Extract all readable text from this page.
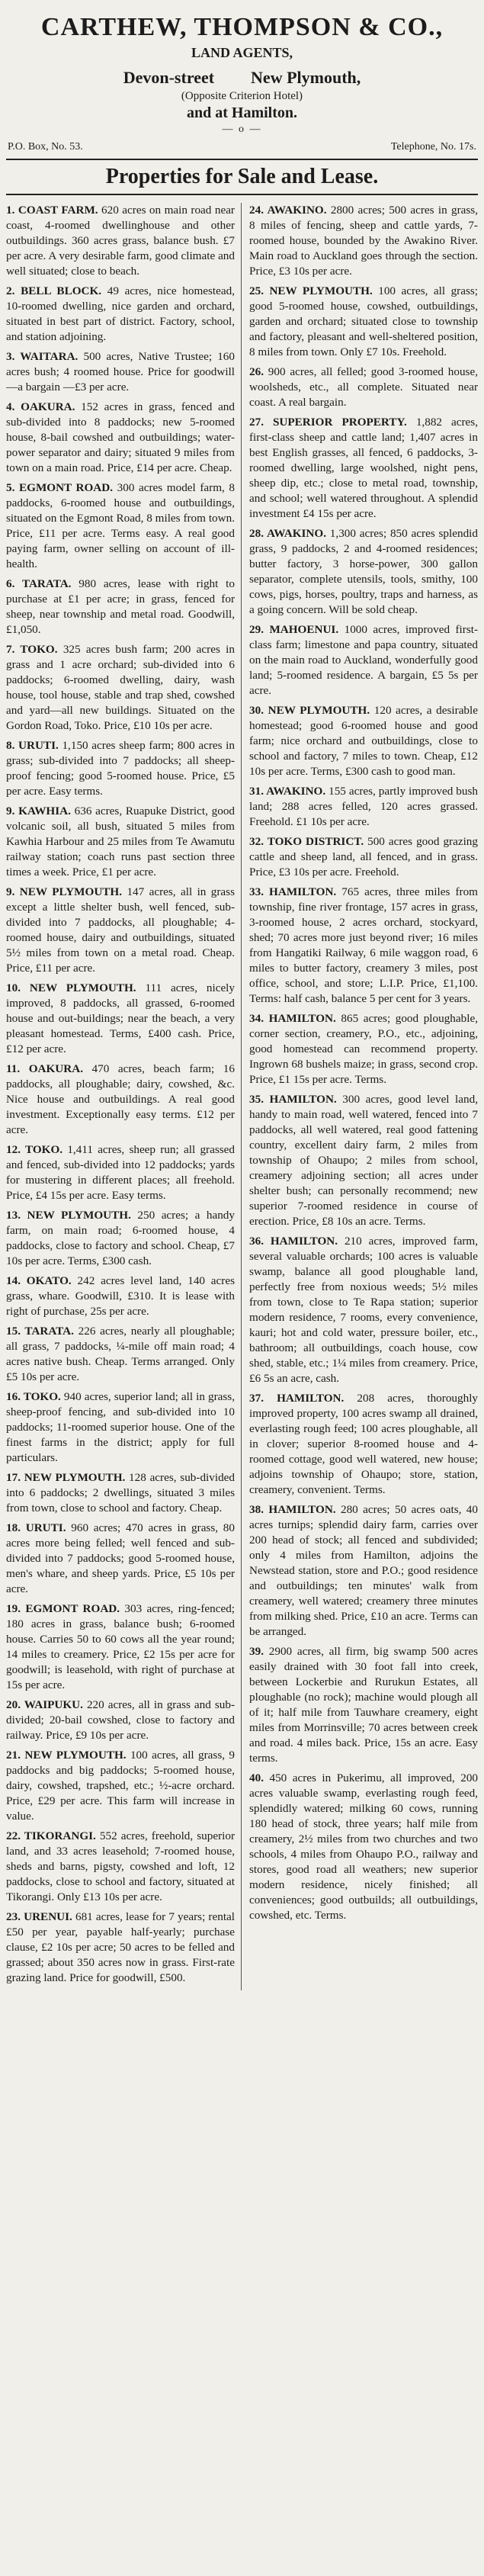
CARTHEW, THOMPSON & CO.,
LAND AGENTS,
Devon-street New Plymouth,
(Opposite Criterion Hotel)
and at Hamilton.
— o —
P.O. Box, No. 53.	Telephone, No. 17s.
Properties for Sale and Lease.

1. COAST FARM. 620 acres on main road near coast, 4-roomed dwellinghouse and other outbuildings. 360 acres grass, balance bush. £7 per acre. A very desirable farm, good climate and well situated; close to beach.

2. BELL BLOCK. 49 acres, nice homestead, 10-roomed dwelling, nice garden and orchard, situated in best part of district. Factory, school, and station adjoining.

3. WAITARA. 500 acres, Native Trustee; 160 acres bush; 4 roomed house. Price for goodwill —a bargain —£3 per acre.

4. OAKURA. 152 acres in grass, fenced and sub-divided into 8 paddocks; new 5-roomed house, 8-bail cowshed and outbuildings; water-power separator and dairy; situated 9 miles from town on a main road. Price, £14 per acre. Cheap.

5. EGMONT ROAD. 300 acres model farm, 8 paddocks, 6-roomed house and outbuildings, situated on the Egmont Road, 8 miles from town. Price, £11 per acre. Terms easy. A real good paying farm, owner selling on account of ill-health.

6. TARATA. 980 acres, lease with right to purchase at £1 per acre; in grass, fenced for sheep, near township and metal road. Goodwill, £1,050.

7. TOKO. 325 acres bush farm; 200 acres in grass and 1 acre orchard; sub-divided into 6 paddocks; 6-roomed dwelling, dairy, wash house, tool house, stable and trap shed, cowshed and yard—all new buildings. Situated on the Gordon Road, Toko. Price, £10 10s per acre.

8. URUTI. 1,150 acres sheep farm; 800 acres in grass; sub-divided into 7 paddocks; all sheep-proof fencing; good 5-roomed house. Price, £5 per acre. Easy terms.

9. KAWHIA. 636 acres, Ruapuke District, good volcanic soil, all bush, situated 5 miles from Kawhia Harbour and 25 miles from Te Awamutu railway station; coach runs past section three times a week. Price, £1 per acre.

9. NEW PLYMOUTH. 147 acres, all in grass except a little shelter bush, well fenced, sub-divided into 7 paddocks, all ploughable; 4-roomed house, dairy and outbuildings, situated 5½ miles from town on a metal road. Cheap. Price, £11 per acre.

10. NEW PLYMOUTH. 111 acres, nicely improved, 8 paddocks, all grassed, 6-roomed house and out-buildings; near the beach, a very pleasant homestead. Terms, £400 cash. Price, £12 per acre.

11. OAKURA. 470 acres, beach farm; 16 paddocks, all ploughable; dairy, cowshed, &c. Nice house and outbuildings. A real good investment. Exceptionally easy terms. £12 per acre.

12. TOKO. 1,411 acres, sheep run; all grassed and fenced, sub-divided into 12 paddocks; yards for mustering in different places; all freehold. Price, £4 15s per acre. Easy terms.

13. NEW PLYMOUTH. 250 acres; a handy farm, on main road; 6-roomed house, 4 paddocks, close to factory and school. Cheap, £7 10s per acre. Terms, £300 cash.

14. OKATO. 242 acres level land, 140 acres grass, whare. Goodwill, £310. It is lease with right of purchase, 25s per acre.

15. TARATA. 226 acres, nearly all ploughable; all grass, 7 paddocks, ¼-mile off main road; 4 acres native bush. Cheap. Terms arranged. Only £5 10s per acre.

16. TOKO. 940 acres, superior land; all in grass, sheep-proof fencing, and sub-divided into 10 paddocks; 11-roomed superior house. One of the finest farms in the district; apply for full particulars.

17. NEW PLYMOUTH. 128 acres, sub-divided into 6 paddocks; 2 dwellings, situated 3 miles from town, close to school and factory. Cheap.

18. URUTI. 960 acres; 470 acres in grass, 80 acres more being felled; well fenced and sub-divided into 7 paddocks; good 5-roomed house, men's whare, and sheep yards. Price, £5 10s per acre.

19. EGMONT ROAD. 303 acres, ring-fenced; 180 acres in grass, balance bush; 6-roomed house. Carries 50 to 60 cows all the year round; 14 miles to creamery. Price, £2 15s per acre for goodwill; is leasehold, with right of purchase at 15s per acre.

20. WAIPUKU. 220 acres, all in grass and sub-divided; 20-bail cowshed, close to factory and railway. Price, £9 10s per acre.

21. NEW PLYMOUTH. 100 acres, all grass, 9 paddocks and big paddocks; 5-roomed house, dairy, cowshed, trapshed, etc.; ½-acre orchard. Price, £29 per acre. This farm will increase in value.

22. TIKORANGI. 552 acres, freehold, superior land, and 33 acres leasehold; 7-roomed house, sheds and barns, pigsty, cowshed and loft, 12 paddocks, close to school and factory, situated at Tikorangi. Only £13 10s per acre.

23. URENUI. 681 acres, lease for 7 years; rental £50 per year, payable half-yearly; purchase clause, £2 10s per acre; 50 acres to be felled and grassed; about 350 acres now in grass. First-rate grazing land. Price for goodwill, £500.

24. AWAKINO. 2800 acres; 500 acres in grass, 8 miles of fencing, sheep and cattle yards, 7-roomed house, bounded by the Awakino River. Main road to Auckland goes through the section. Price, £3 10s per acre.

25. NEW PLYMOUTH. 100 acres, all grass; good 5-roomed house, cowshed, outbuildings, garden and orchard; situated close to township and factory, pleasant and well-sheltered position, 8 miles from town. Only £7 10s. Freehold.

26. 900 acres, all felled; good 3-roomed house, woolsheds, etc., all complete. Situated near coast. A real bargain.

27. SUPERIOR PROPERTY. 1,882 acres, first-class sheep and cattle land; 1,407 acres in best English grasses, all fenced, 6 paddocks, 3-roomed dwelling, large woolshed, night pens, sheep dip, etc.; close to metal road, township, and school; well watered throughout. A splendid investment £4 15s per acre.

28. AWAKINO. 1,300 acres; 850 acres splendid grass, 9 paddocks, 2 and 4-roomed residences; butter factory, 3 horse-power, 300 gallon separator, complete utensils, tools, smithy, 100 cows, pigs, horses, poultry, traps and harness, as a going concern. Will be sold cheap.

29. MAHOENUI. 1000 acres, improved first-class farm; limestone and papa country, situated on the main road to Auckland, wonderfully good land; 5-roomed residence. A bargain, £5 5s per acre.

30. NEW PLYMOUTH. 120 acres, a desirable homestead; good 6-roomed house and good farm; nice orchard and outbuildings, close to school and factory, 7 miles to town. Cheap, £12 10s per acre. Terms, £300 cash to good man.

31. AWAKINO. 155 acres, partly improved bush land; 288 acres felled, 120 acres grassed. Freehold. £1 10s per acre.

32. TOKO DISTRICT. 500 acres good grazing cattle and sheep land, all fenced, and in grass. Price, £3 10s per acre. Freehold.

33. HAMILTON. 765 acres, three miles from township, fine river frontage, 157 acres in grass, 3-roomed house, 2 acres orchard, stockyard, shed; 70 acres more just beyond river; 16 miles from Hangatiki Railway, 6 mile waggon road, 6 miles to butter factory, creamery 3 miles, post office, school, and store; L.I.P. Price, £1,100. Terms: half cash, balance 5 per cent for 3 years.

34. HAMILTON. 865 acres; good ploughable, corner section, creamery, P.O., etc., adjoining, good homestead can recommend property. Ingrown 68 bushels maize; in grass, second crop. Price, £1 15s per acre. Terms.

35. HAMILTON. 300 acres, good level land, handy to main road, well watered, fenced into 7 paddocks, all well watered, real good fattening country, excellent dairy farm, 2 miles from township of Ohaupo; 2 miles from school, creamery adjoining section; all acres under shelter bush; can personally recommend; new superior 7-roomed residence in course of erection. Price, £8 10s an acre. Terms.

36. HAMILTON. 210 acres, improved farm, several valuable orchards; 100 acres is valuable swamp, balance all good ploughable land, perfectly free from noxious weeds; 5½ miles from town, close to Te Rapa station; superior modern residence, 7 rooms, every convenience, kauri; hot and cold water, pressure boiler, etc., bathroom; all outbuildings, coach house, cow shed, stable, etc.; 1¼ miles from creamery. Price, £6 5s an acre, cash.

37. HAMILTON. 208 acres, thoroughly improved property, 100 acres swamp all drained, everlasting rough feed; 100 acres ploughable, all in clover; superior 8-roomed house and 4-roomed cottage, good well watered, new house; adjoins township of Ohaupo; store, station, creamery, convenient. Terms.

38. HAMILTON. 280 acres; 50 acres oats, 40 acres turnips; splendid dairy farm, carries over 200 head of stock; all fenced and subdivided; only 4 miles from Hamilton, adjoins the Newstead station, store and P.O.; good residence and outbuildings; ten minutes' walk from creamery, well watered; creamery three minutes from milking shed. Price, £10 an acre. Terms can be arranged.

39. 2900 acres, all firm, big swamp 500 acres easily drained with 30 foot fall into creek, between Lockerbie and Rurukun Estates, all ploughable (no rock); machine would plough all of it; half mile from Tauwhare creamery, eight miles from Morrinsville; 70 acres between creek and road. 4 miles back. Price, 15s an acre. Easy terms.

40. 450 acres in Pukerimu, all improved, 200 acres valuable swamp, everlasting rough feed, splendidly watered; milking 60 cows, running 180 head of stock, three years; half mile from creamery, 2½ miles from two churches and two schools, 4 miles from Ohaupo P.O., railway and stores, good road all weathers; new superior modern residence, nicely finished; all conveniences; good outbuilds; all outbuildings, cowshed, etc. Terms.
